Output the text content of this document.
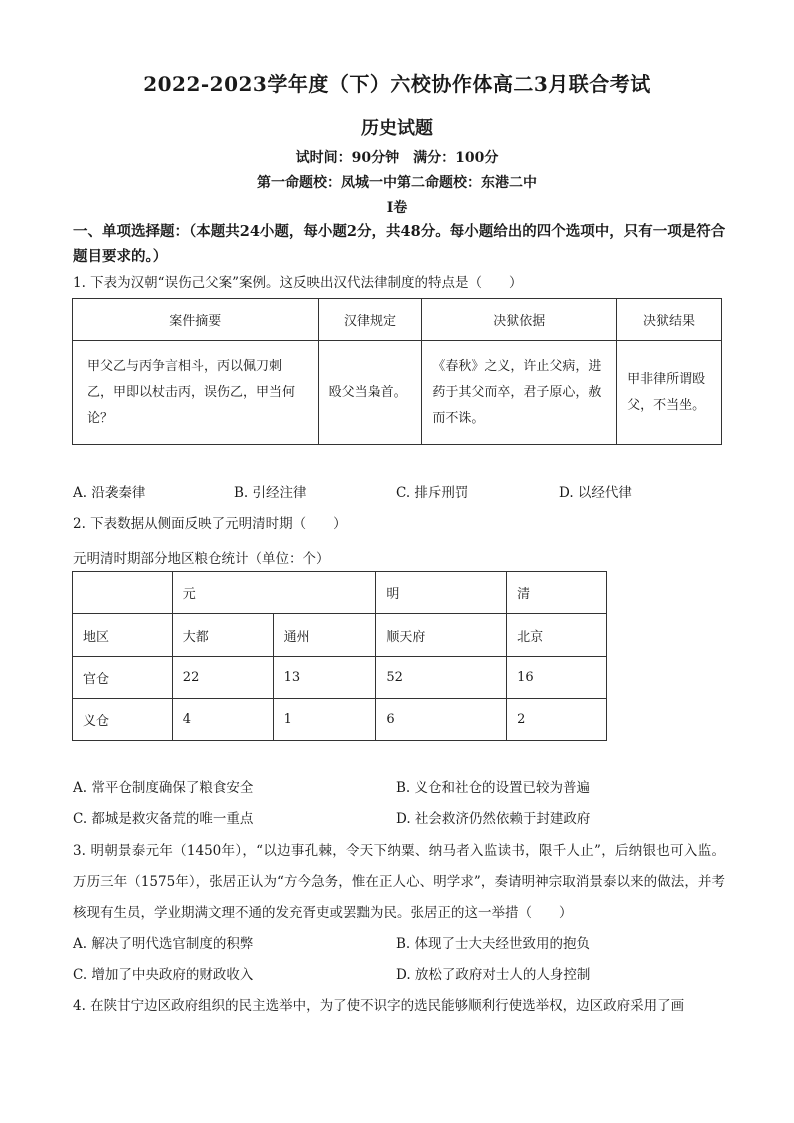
2022-2023学年度（下）六校协作体高二3月联合考试
历史试题
试时间：90分钟　满分：100分
第一命题校：凤城一中第二命题校：东港二中
Ⅰ卷
一、单项选择题：（本题共24小题，每小题2分，共48分。每小题给出的四个选项中，只有一项是符合题目要求的。）
1. 下表为汉朝“误伤己父案”案例。这反映出汉代法律制度的特点是（　　）
案件摘要	汉律规定	决狱依据	决狱结果
甲父乙与丙争言相斗，丙以佩刀刺乙，甲即以杖击丙，误伤乙，甲当何论？	殴父当枭首。	《春秋》之义，许止父病，进药于其父而卒，君子原心，赦而不诛。	甲非律所谓殴父，不当坐。
A. 沿袭秦律	B. 引经注律	C. 排斥刑罚	D. 以经代律
2. 下表数据从侧面反映了元明清时期（　　）
元明清时期部分地区粮仓统计（单位：个）
	元		明	清
地区	大都	通州	顺天府	北京
官仓	22	13	52	16
义仓	4	1	6	2
A. 常平仓制度确保了粮食安全	B. 义仓和社仓的设置已较为普遍
C. 都城是救灾备荒的唯一重点	D. 社会救济仍然依赖于封建政府
3. 明朝景泰元年（1450年），“以边事孔棘，令天下纳粟、纳马者入监读书，限千人止”，后纳银也可入监。万历三年（1575年），张居正认为“方今急务，惟在正人心、明学求”，奏请明神宗取消景泰以来的做法，并考核现有生员，学业期满文理不通的发充胥吏或罢黜为民。张居正的这一举措（　　）
A. 解决了明代选官制度的积弊	B. 体现了士大夫经世致用的抱负
C. 增加了中央政府的财政收入	D. 放松了政府对士人的人身控制
4. 在陕甘宁边区政府组织的民主选举中，为了使不识字的选民能够顺利行使选举权，边区政府采用了画
